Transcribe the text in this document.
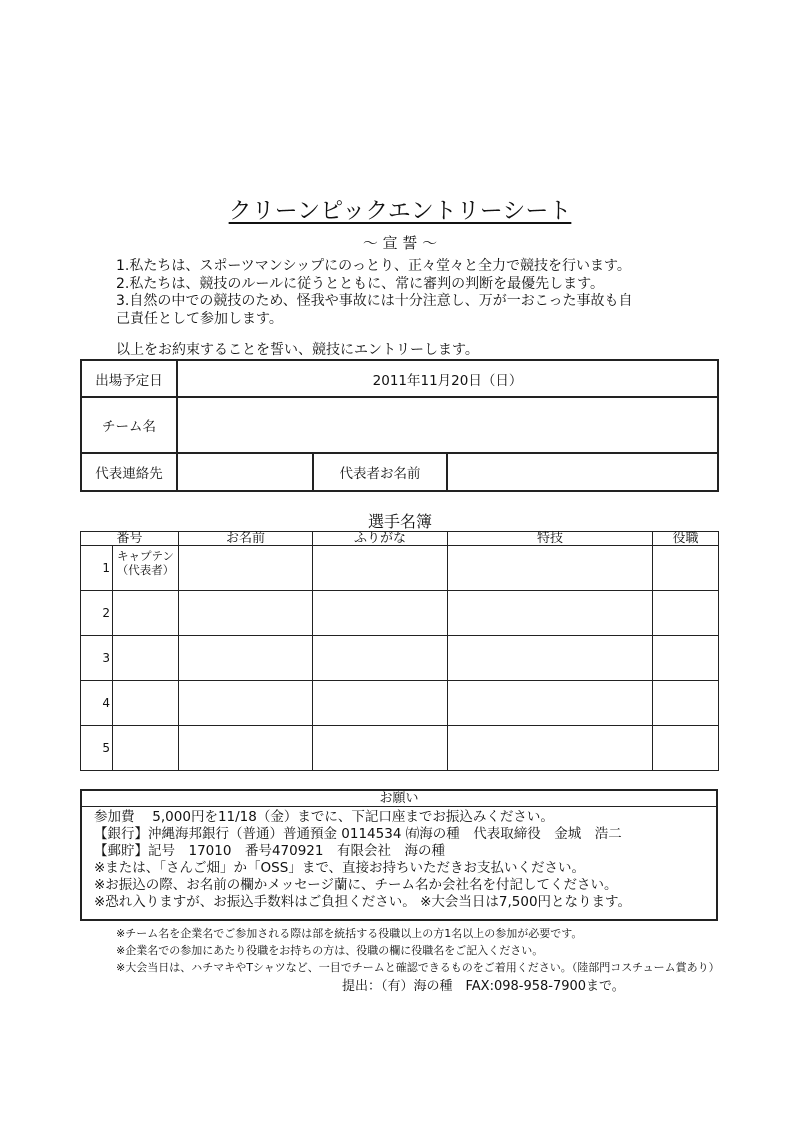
クリーンピックエントリーシート
～ 宣 誓 ～
1.私たちは、スポーツマンシップにのっとり、正々堂々と全力で競技を行います。
2.私たちは、競技のルールに従うとともに、常に審判の判断を最優先します。
3.自然の中での競技のため、怪我や事故には十分注意し、万が一おこった事故も自
己責任として参加します。
以上をお約束することを誓い、競技にエントリーします。
出場予定日	2011年11月20日（日）		
チーム名			
代表連絡先		代表者お名前	
選手名簿
番号		お名前	ふりがな	特技	役職
1	キャプテン
（代表者）				

2					
3					
4					
5					
お願い
参加費　 5,000円を11/18（金）までに、下記口座までお振込みください。
【銀行】沖縄海邦銀行（普通）普通預金 0114534 ㈲海の種　代表取締役　金城　浩二
【郵貯】記号　17010　番号470921　有限会社　海の種
※または、「さんご畑」か「OSS」まで、直接お持ちいただきお支払いください。
※お振込の際、お名前の欄かメッセージ蘭に、チーム名か会社名を付記してください。
※恐れ入りますが、お振込手数料はご負担ください。 ※大会当日は7,500円となります。
※チーム名を企業名でご参加される際は部を統括する役職以上の方1名以上の参加が必要です。
※企業名での参加にあたり役職をお持ちの方は、役職の欄に役職名をご記入ください。
※大会当日は、ハチマキやTシャツなど、一目でチームと確認できるものをご着用ください。（陸部門コスチューム賞あり）
提出：（有）海の種　FAX:098-958-7900まで。
